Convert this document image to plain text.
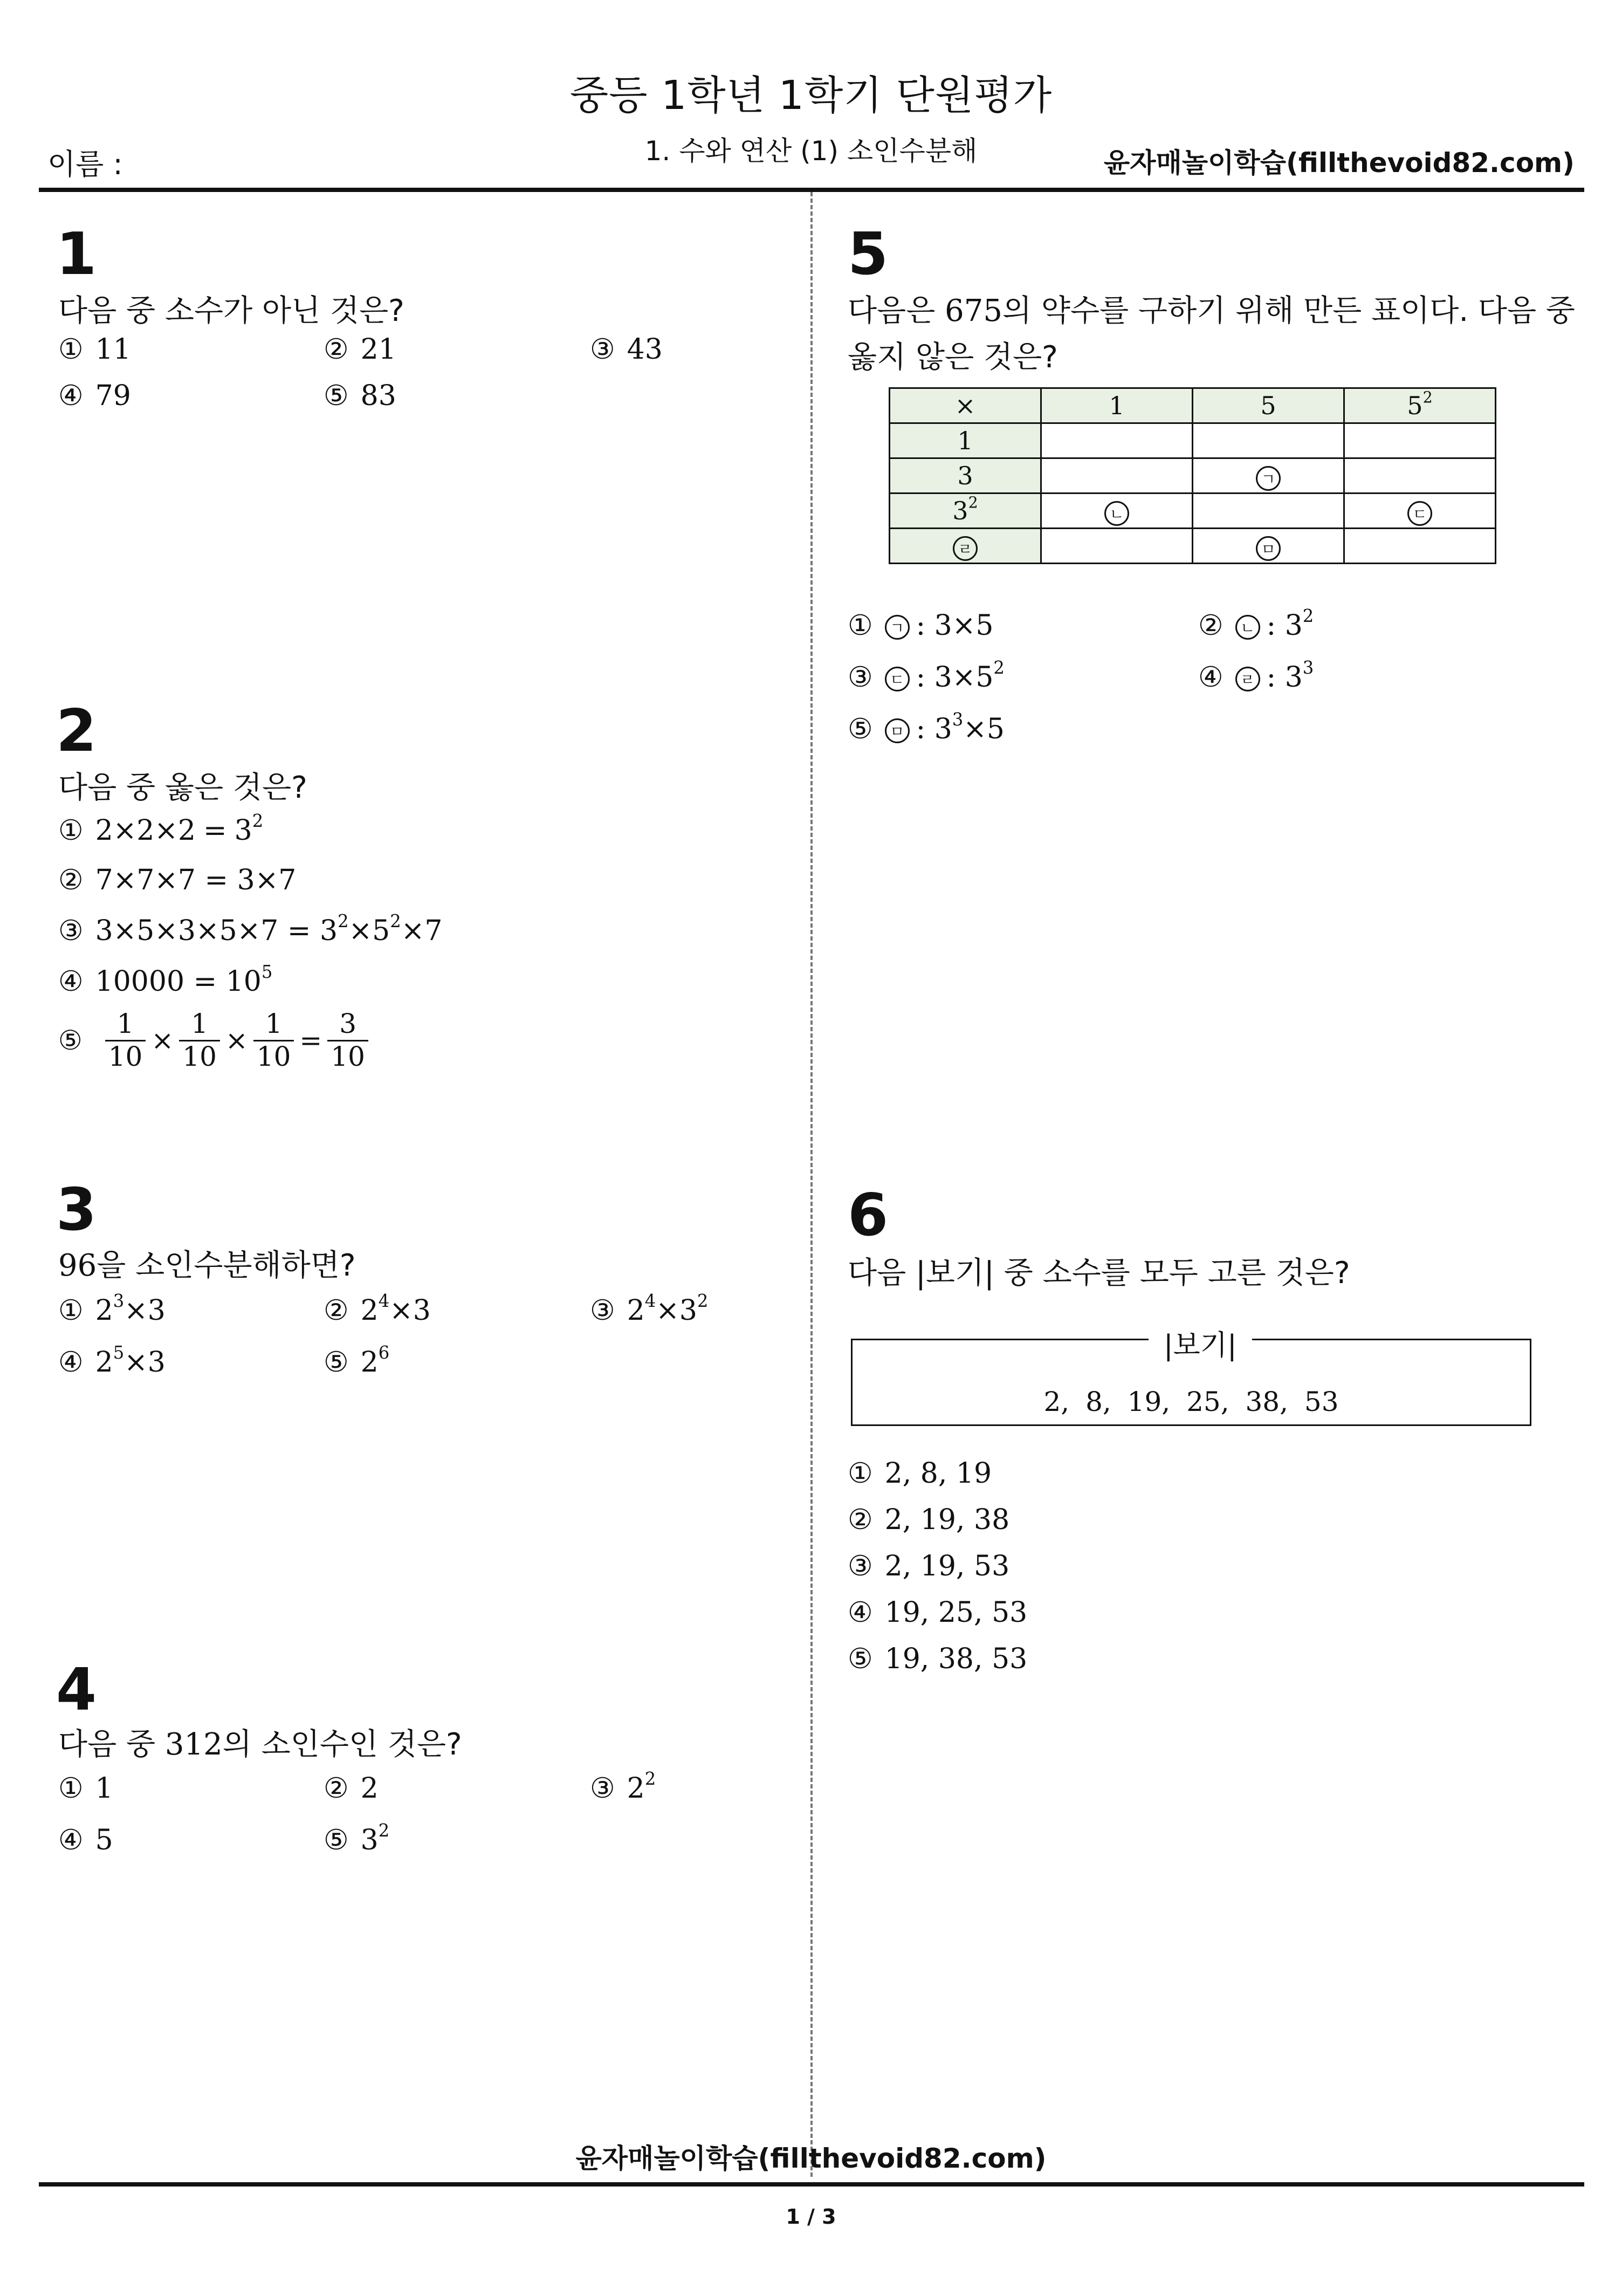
중등 1학년 1학기 단원평가
1. 수와 연산 (1) 소인수분해
이름 :	윤자매놀이학습(fillthevoid82.com)
1
다음 중 소수가 아닌 것은?
① 11	② 21	③ 43
④ 79	⑤ 83
2
다음 중 옳은 것은?
① $2\times 2\times 2 = 3^2$
② 7×7×7 = 3×7
③ $3\times 5\times 3\times 5\times 7 = 3^2\times 5^2\times 7$
④ $10000 = 10^5$
⑤ $\frac{1}{10} \times \frac{1}{10} \times \frac{1}{10} = \frac{3}{10}$
3
96을 소인수분해하면?
① $2^3\times 3$	② $2^4\times 3$	③ $2^4\times 3^2$
④ $2^5\times 3$	⑤ $2^6$
4
다음 중 312의 소인수인 것은?
① 1	② 2	③ $2^2$
④ 5	⑤ $3^2$
5
다음은 675의 약수를 구하기 위해 만든 표이다. 다음 중
옳지 않은 것은?
×	1	5	$5^2$
1			
3		ㄱ	
$3^2$	ㄴ		ㄷ
ㄹ		ㅁ	
① ㄱ : 3×5	② ㄴ : $3^2$
③ ㄷ : $3\times 5^2$	④ ㄹ : $3^3$
⑤ ㅁ : $3^3\times 5$
6
다음 |보기| 중 소수를 모두 고른 것은?
|보기|
2, 8, 19, 25, 38, 53
① 2, 8, 19
② 2, 19, 38
③ 2, 19, 53
④ 19, 25, 53
⑤ 19, 38, 53
윤자매놀이학습(fillthevoid82.com)
1 / 3
